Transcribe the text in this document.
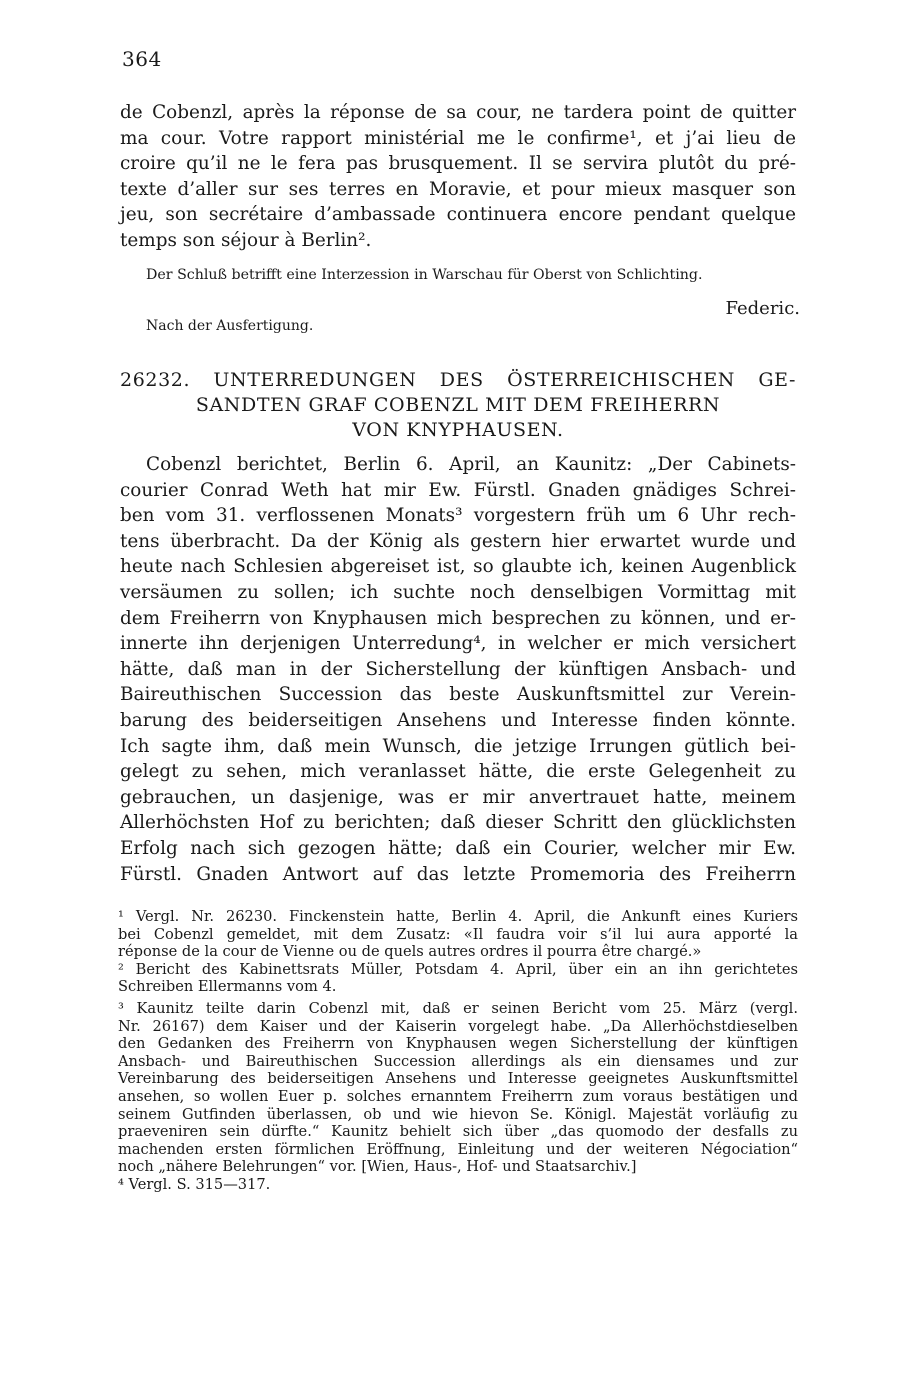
364
de Cobenzl, après la réponse de sa cour, ne tardera point de quitter
ma cour. Votre rapport ministérial me le confirme¹, et j’ai lieu de
croire qu’il ne le fera pas brusquement. Il se servira plutôt du pré-
texte d’aller sur ses terres en Moravie, et pour mieux masquer son
jeu, son secrétaire d’ambassade continuera encore pendant quelque
temps son séjour à Berlin².
Der Schluß betrifft eine Interzession in Warschau für Oberst von Schlichting.
Federic.
Nach der Ausfertigung.
26232. UNTERREDUNGEN DES ÖSTERREICHISCHEN GE-
SANDTEN GRAF COBENZL MIT DEM FREIHERRN
VON KNYPHAUSEN.
Cobenzl berichtet, Berlin 6. April, an Kaunitz: „Der Cabinets-
courier Conrad Weth hat mir Ew. Fürstl. Gnaden gnädiges Schrei-
ben vom 31. verflossenen Monats³ vorgestern früh um 6 Uhr rech-
tens überbracht. Da der König als gestern hier erwartet wurde und
heute nach Schlesien abgereiset ist, so glaubte ich, keinen Augenblick
versäumen zu sollen; ich suchte noch denselbigen Vormittag mit
dem Freiherrn von Knyphausen mich besprechen zu können, und er-
innerte ihn derjenigen Unterredung⁴, in welcher er mich versichert
hätte, daß man in der Sicherstellung der künftigen Ansbach- und
Baireuthischen Succession das beste Auskunftsmittel zur Verein-
barung des beiderseitigen Ansehens und Interesse finden könnte.
Ich sagte ihm, daß mein Wunsch, die jetzige Irrungen gütlich bei-
gelegt zu sehen, mich veranlasset hätte, die erste Gelegenheit zu
gebrauchen, un dasjenige, was er mir anvertrauet hatte, meinem
Allerhöchsten Hof zu berichten; daß dieser Schritt den glücklichsten
Erfolg nach sich gezogen hätte; daß ein Courier, welcher mir Ew.
Fürstl. Gnaden Antwort auf das letzte Promemoria des Freiherrn
¹ Vergl. Nr. 26230. Finckenstein hatte, Berlin 4. April, die Ankunft eines Kuriers
bei Cobenzl gemeldet, mit dem Zusatz: «Il faudra voir s’il lui aura apporté la
réponse de la cour de Vienne ou de quels autres ordres il pourra être chargé.»
² Bericht des Kabinettsrats Müller, Potsdam 4. April, über ein an ihn gerichtetes
Schreiben Ellermanns vom 4.
³ Kaunitz teilte darin Cobenzl mit, daß er seinen Bericht vom 25. März (vergl.
Nr. 26167) dem Kaiser und der Kaiserin vorgelegt habe. „Da Allerhöchstdieselben
den Gedanken des Freiherrn von Knyphausen wegen Sicherstellung der künftigen
Ansbach- und Baireuthischen Succession allerdings als ein diensames und zur
Vereinbarung des beiderseitigen Ansehens und Interesse geeignetes Auskunftsmittel
ansehen, so wollen Euer p. solches ernanntem Freiherrn zum voraus bestätigen und
seinem Gutfinden überlassen, ob und wie hievon Se. Königl. Majestät vorläufig zu
praeveniren sein dürfte.“ Kaunitz behielt sich über „das quomodo der desfalls zu
machenden ersten förmlichen Eröffnung, Einleitung und der weiteren Négociation“
noch „nähere Belehrungen“ vor. [Wien, Haus-, Hof- und Staatsarchiv.]
⁴ Vergl. S. 315—317.
